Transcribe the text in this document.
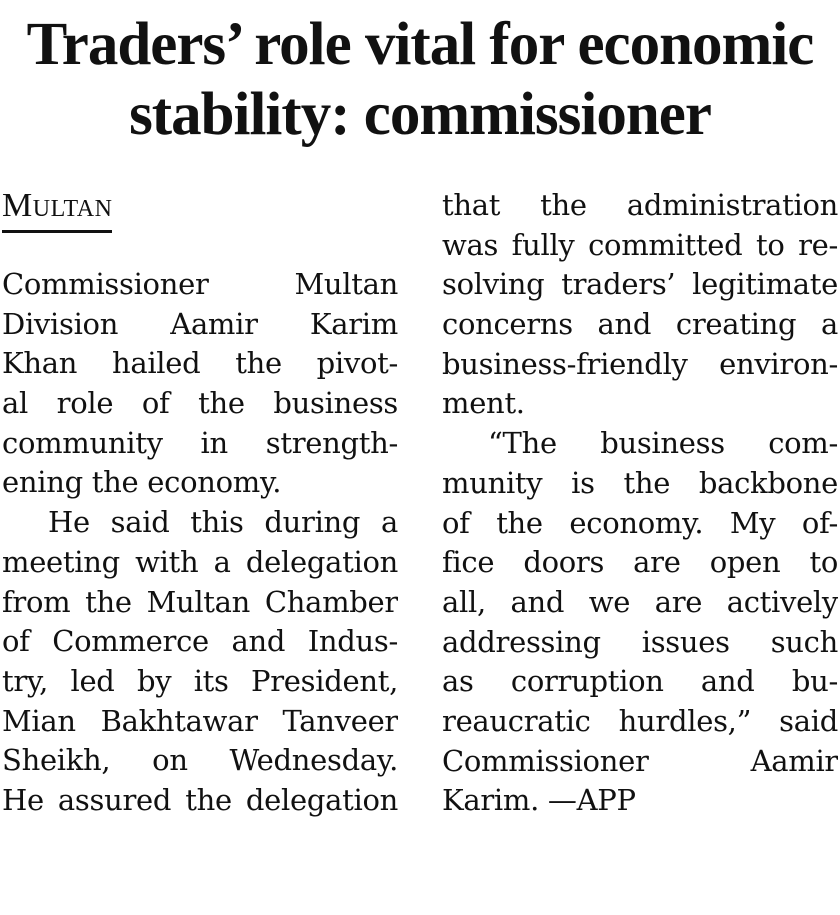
Traders’ role vital for economic
stability: commissioner
Multan
Commissioner Multan
Division Aamir Karim
Khan hailed the pivot-
al role of the business
community in strength-
ening the economy.
He said this during a
meeting with a delegation
from the Multan Chamber
of Commerce and Indus-
try, led by its President,
Mian Bakhtawar Tanveer
Sheikh, on Wednesday.
He assured the delegation
that the administration
was fully committed to re-
solving traders’ legitimate
concerns and creating a
business-friendly environ-
ment.
“The business com-
munity is the backbone
of the economy. My of-
fice doors are open to
all, and we are actively
addressing issues such
as corruption and bu-
reaucratic hurdles,” said
Commissioner Aamir
Karim. —APP
